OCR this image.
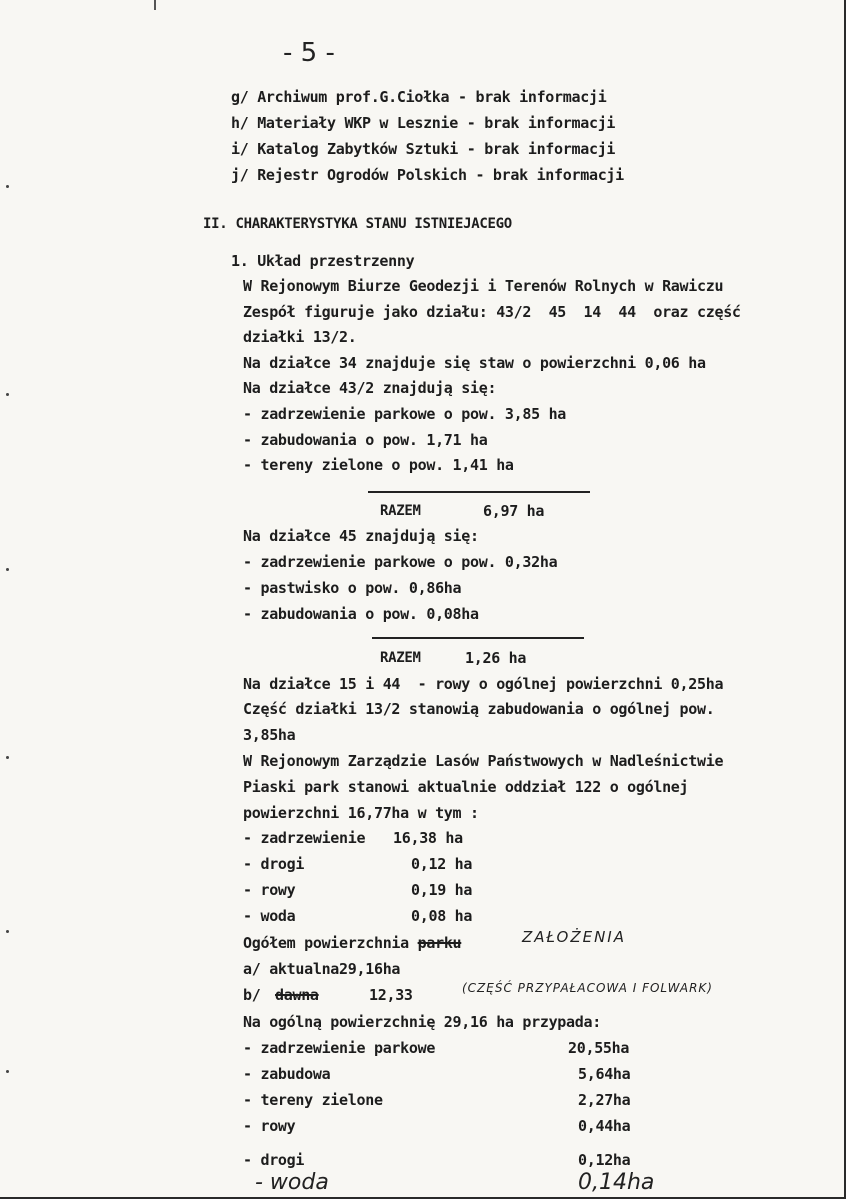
- 5 -
g/ Archiwum prof.G.Ciołka - brak informacji
h/ Materiały WKP w Lesznie - brak informacji
i/ Katalog Zabytków Sztuki - brak informacji
j/ Rejestr Ogrodów Polskich - brak informacji
II. CHARAKTERYSTYKA STANU ISTNIEJACEGO
1. Układ przestrzenny
W Rejonowym Biurze Geodezji i Terenów Rolnych w Rawiczu
Zespół figuruje jako działu: 43/2  45  14  44  oraz część
działki 13/2.
Na działce 34 znajduje się staw o powierzchni 0,06 ha
Na działce 43/2 znajdują się:
- zadrzewienie parkowe o pow. 3,85 ha
- zabudowania o pow. 1,71 ha
- tereny zielone o pow. 1,41 ha
RAZEM	6,97 ha
Na działce 45 znajdują się:
- zadrzewienie parkowe o pow. 0,32ha
- pastwisko o pow. 0,86ha
- zabudowania o pow. 0,08ha
RAZEM	1,26 ha
Na działce 15 i 44  - rowy o ogólnej powierzchni 0,25ha
Część działki 13/2 stanowią zabudowania o ogólnej pow.
3,85ha
W Rejonowym Zarządzie Lasów Państwowych w Nadleśnictwie
Piaski park stanowi aktualnie oddział 122 o ogólnej
powierzchni 16,77ha w tym :
- zadrzewienie 16,38 ha
- drogi	0,12 ha
- rowy	0,19 ha
- woda	0,08 ha
Ogółem powierzchnia parku	ZAŁOŻENIA
a/ aktualna29,16ha
b/ dawna	12,33	(CZĘŚĆ PRZYPAŁACOWA I FOLWARK)
Na ogólną powierzchnię 29,16 ha przypada:
- zadrzewienie parkowe	20,55ha
- zabudowa	5,64ha
- tereny zielone	2,27ha
- rowy	0,44ha
- drogi	0,12ha
- woda	0,14ha
